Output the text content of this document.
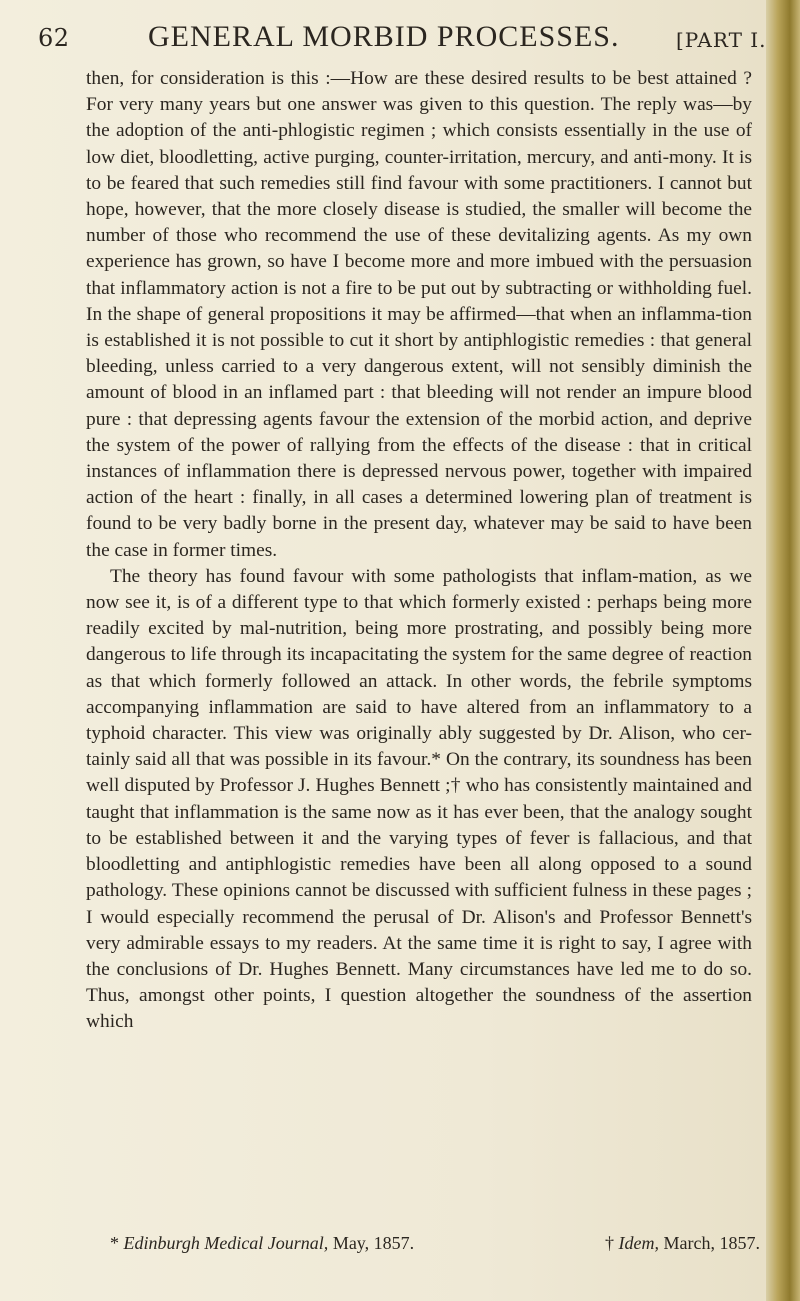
62	GENERAL MORBID PROCESSES.	[PART I.

then, for consideration is this :—How are these desired results to be best attained ? For very many years but one answer was given to this question. The reply was—by the adoption of the anti-phlogistic regimen ; which consists essentially in the use of low diet, bloodletting, active purging, counter-irritation, mercury, and anti-mony. It is to be feared that such remedies still find favour with some practitioners. I cannot but hope, however, that the more closely disease is studied, the smaller will become the number of those who recommend the use of these devitalizing agents. As my own experience has grown, so have I become more and more imbued with the persuasion that inflammatory action is not a fire to be put out by subtracting or withholding fuel. In the shape of general propositions it may be affirmed—that when an inflamma-tion is established it is not possible to cut it short by antiphlogistic remedies : that general bleeding, unless carried to a very dangerous extent, will not sensibly diminish the amount of blood in an inflamed part : that bleeding will not render an impure blood pure : that depressing agents favour the extension of the morbid action, and deprive the system of the power of rallying from the effects of the disease : that in critical instances of inflammation there is depressed nervous power, together with impaired action of the heart : finally, in all cases a determined lowering plan of treatment is found to be very badly borne in the present day, whatever may be said to have been the case in former times.

The theory has found favour with some pathologists that inflam-mation, as we now see it, is of a different type to that which formerly existed : perhaps being more readily excited by mal-nutrition, being more prostrating, and possibly being more dangerous to life through its incapacitating the system for the same degree of reaction as that which formerly followed an attack. In other words, the febrile symptoms accompanying inflammation are said to have altered from an inflammatory to a typhoid character. This view was originally ably suggested by Dr. Alison, who cer-tainly said all that was possible in its favour.* On the contrary, its soundness has been well disputed by Professor J. Hughes Bennett ;† who has consistently maintained and taught that inflammation is the same now as it has ever been, that the analogy sought to be established between it and the varying types of fever is fallacious, and that bloodletting and antiphlogistic remedies have been all along opposed to a sound pathology. These opinions cannot be discussed with sufficient fulness in these pages ; I would especially recommend the perusal of Dr. Alison's and Professor Bennett's very admirable essays to my readers. At the same time it is right to say, I agree with the conclusions of Dr. Hughes Bennett. Many circumstances have led me to do so. Thus, amongst other points, I question altogether the soundness of the assertion which

* Edinburgh Medical Journal, May, 1857.	† Idem, March, 1857.
